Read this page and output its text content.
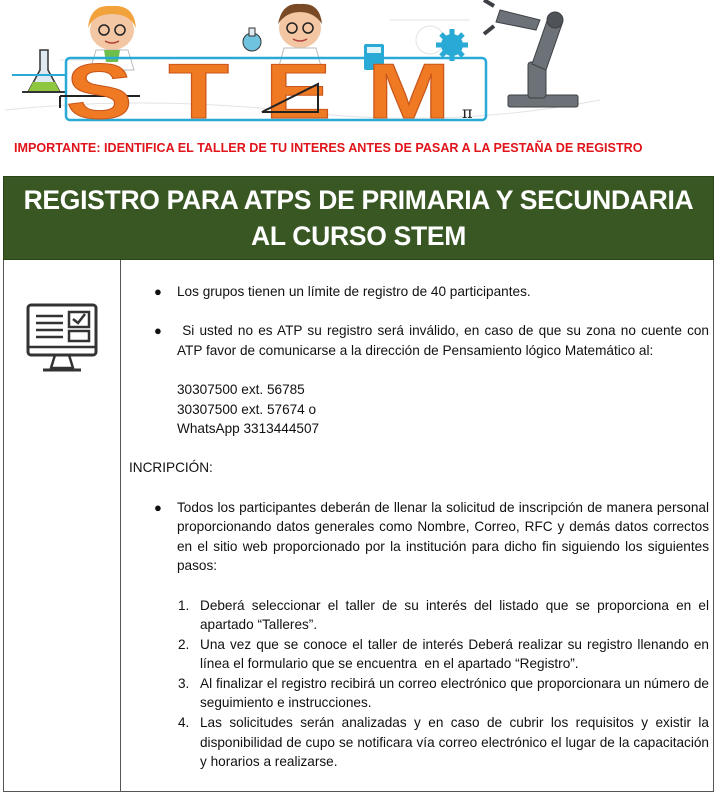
STEM
π
IMPORTANTE: IDENTIFICA EL TALLER DE TU INTERES ANTES DE PASAR A LA PESTAÑA DE REGISTRO
REGISTRO PARA ATPS DE PRIMARIA Y SECUNDARIA
AL CURSO STEM
● Los grupos tienen un límite de registro de 40 participantes.
● Si usted no es ATP su registro será inválido, en caso de que su zona no cuente con ATP favor de comunicarse a la dirección de Pensamiento lógico Matemático al:
30307500 ext. 56785
30307500 ext. 57674 o
WhatsApp 3313444507
INCRIPCIÓN:
● Todos los participantes deberán de llenar la solicitud de inscripción de manera personal proporcionando datos generales como Nombre, Correo, RFC y demás datos correctos en el sitio web proporcionado por la institución para dicho fin siguiendo los siguientes pasos:
1. Deberá seleccionar el taller de su interés del listado que se proporciona en el apartado “Talleres”.
2. Una vez que se conoce el taller de interés Deberá realizar su registro llenando en línea el formulario que se encuentra  en el apartado “Registro”.
3. Al finalizar el registro recibirá un correo electrónico que proporcionara un número de seguimiento e instrucciones.
4. Las solicitudes serán analizadas y en caso de cubrir los requisitos y existir la disponibilidad de cupo se notificara vía correo electrónico el lugar de la capacitación y horarios a realizarse.
